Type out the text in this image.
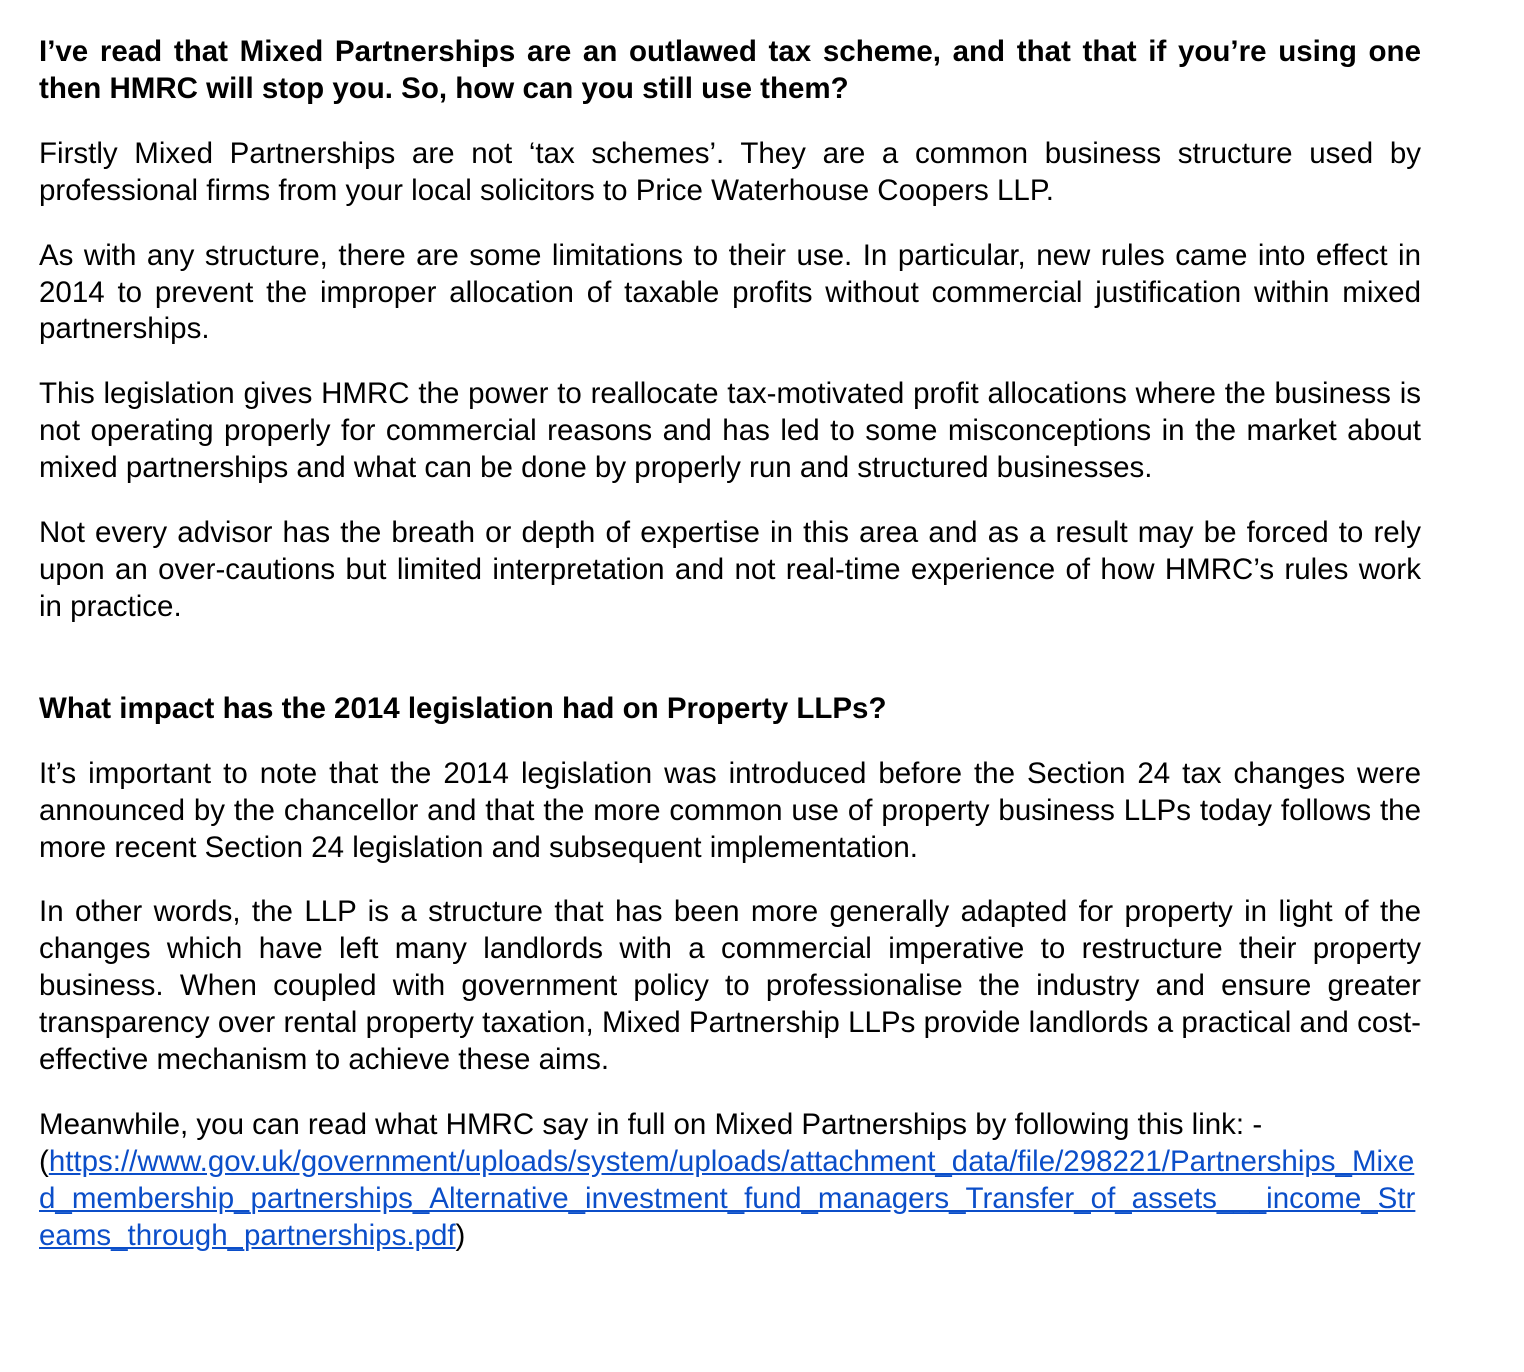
I’ve read that Mixed Partnerships are an outlawed tax scheme, and that that if you’re using one then HMRC will stop you. So, how can you still use them?

Firstly Mixed Partnerships are not ‘tax schemes’. They are a common business structure used by professional firms from your local solicitors to Price Waterhouse Coopers LLP.

As with any structure, there are some limitations to their use. In particular, new rules came into effect in 2014 to prevent the improper allocation of taxable profits without commercial justification within mixed partnerships.

This legislation gives HMRC the power to reallocate tax-motivated profit allocations where the business is not operating properly for commercial reasons and has led to some misconceptions in the market about mixed partnerships and what can be done by properly run and structured businesses.

Not every advisor has the breath or depth of expertise in this area and as a result may be forced to rely upon an over-cautions but limited interpretation and not real-time experience of how HMRC’s rules work in practice.

What impact has the 2014 legislation had on Property LLPs?

It’s important to note that the 2014 legislation was introduced before the Section 24 tax changes were announced by the chancellor and that the more common use of property business LLPs today follows the more recent Section 24 legislation and subsequent implementation.

In other words, the LLP is a structure that has been more generally adapted for property in light of the changes which have left many landlords with a commercial imperative to restructure their property business. When coupled with government policy to professionalise the industry and ensure greater transparency over rental property taxation, Mixed Partnership LLPs provide landlords a practical and cost-effective mechanism to achieve these aims.

Meanwhile, you can read what HMRC say in full on Mixed Partnerships by following this link: -
(https://www.gov.uk/government/uploads/system/uploads/attachment_data/file/298221/Partnerships_Mixed_membership_partnerships_Alternative_investment_fund_managers_Transfer_of_assets___income_Streams_through_partnerships.pdf)
